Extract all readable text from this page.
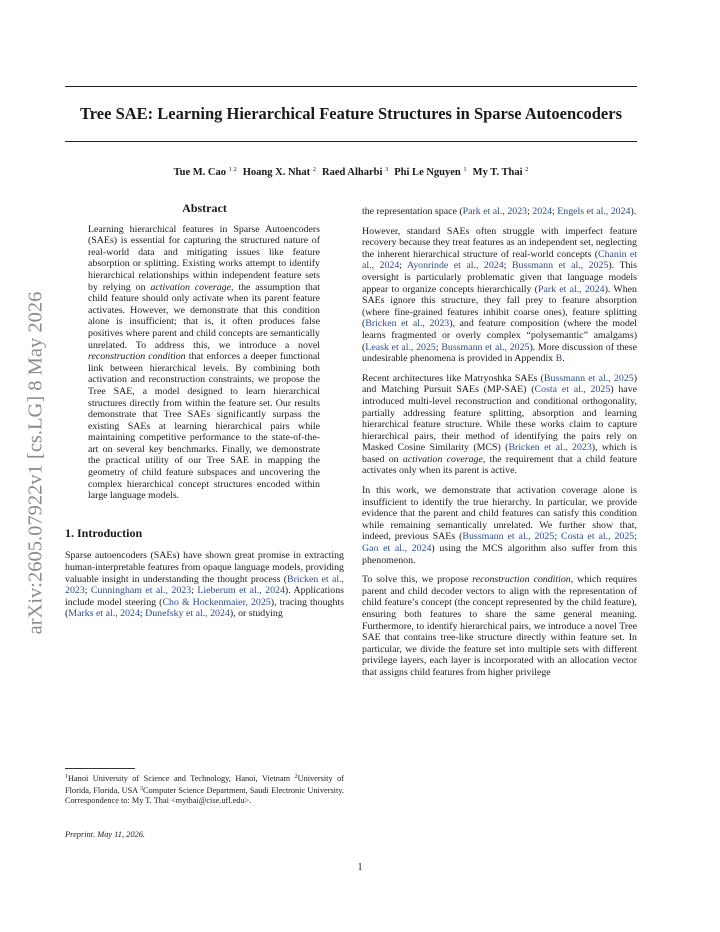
arXiv:2605.07922v1 [cs.LG] 8 May 2026
Tree SAE: Learning Hierarchical Feature Structures in Sparse Autoencoders
Tue M. Cao $^{1 2}$ Hoang X. Nhat $^2$ Raed Alharbi $^3$ Phi Le Nguyen $^1$ My T. Thai $^2$
Abstract

Learning hierarchical features in Sparse Autoencoders (SAEs) is essential for capturing the structured nature of real-world data and mitigating issues like feature absorption or splitting. Existing works attempt to identify hierarchical relationships within independent feature sets by relying on activation coverage, the assumption that child feature should only activate when its parent feature activates. However, we demonstrate that this condition alone is insufficient; that is, it often produces false positives where parent and child concepts are semantically unrelated. To address this, we introduce a novel reconstruction condition that enforces a deeper functional link between hierarchical levels. By combining both activation and reconstruction constraints, we propose the Tree SAE, a model designed to learn hierarchical structures directly from within the feature set. Our results demonstrate that Tree SAEs significantly surpass the existing SAEs at learning hierarchical pairs while maintaining competitive performance to the state-of-the-art on several key benchmarks. Finally, we demonstrate the practical utility of our Tree SAE in mapping the geometry of child feature subspaces and uncovering the complex hierarchical concept structures encoded within large language models.

1. Introduction

Sparse autoencoders (SAEs) have shown great promise in extracting human-interpretable features from opaque language models, providing valuable insight in understanding the thought process (Bricken et al., 2023; Cunningham et al., 2023; Lieberum et al., 2024). Applications include model steering (Cho & Hockenmaier, 2025), tracing thoughts (Marks et al., 2024; Dunefsky et al., 2024), or studying

$^1$Hanoi University of Science and Technology, Hanoi, Vietnam $^2$University of Florida, Florida, USA $^3$Computer Science Department, Saudi Electronic University. Correspondence to: My T. Thai <mythai@cise.ufl.edu>.
Preprint. May 11, 2026.

the representation space (Park et al., 2023; 2024; Engels et al., 2024).

However, standard SAEs often struggle with imperfect feature recovery because they treat features as an independent set, neglecting the inherent hierarchical structure of real-world concepts (Chanin et al., 2024; Ayonrinde et al., 2024; Bussmann et al., 2025). This oversight is particularly problematic given that language models appear to organize concepts hierarchically (Park et al., 2024). When SAEs ignore this structure, they fall prey to feature absorption (where fine-grained features inhibit coarse ones), feature splitting (Bricken et al., 2023), and feature composition (where the model learns fragmented or overly complex “polysemantic” amalgams) (Leask et al., 2025; Bussmann et al., 2025). More discussion of these undesirable phenomena is provided in Appendix B.

Recent architectures like Matryoshka SAEs (Bussmann et al., 2025) and Matching Pursuit SAEs (MP-SAE) (Costa et al., 2025) have introduced multi-level reconstruction and conditional orthogonality, partially addressing feature splitting, absorption and learning hierarchical feature structure. While these works claim to capture hierarchical pairs, their method of identifying the pairs rely on Masked Cosine Similarity (MCS) (Bricken et al., 2023), which is based on activation coverage, the requirement that a child feature activates only when its parent is active.

In this work, we demonstrate that activation coverage alone is insufficient to identify the true hierarchy. In particular, we provide evidence that the parent and child features can satisfy this condition while remaining semantically unrelated. We further show that, indeed, previous SAEs (Bussmann et al., 2025; Costa et al., 2025; Gao et al., 2024) using the MCS algorithm also suffer from this phenomenon.

To solve this, we propose reconstruction condition, which requires parent and child decoder vectors to align with the representation of child feature’s concept (the concept represented by the child feature), ensuring both features to share the same general meaning. Furthermore, to identify hierarchical pairs, we introduce a novel Tree SAE that contains tree-like structure directly within feature set. In particular, we divide the feature set into multiple sets with different privilege layers, each layer is incorporated with an allocation vector that assigns child features from higher privilege

1
